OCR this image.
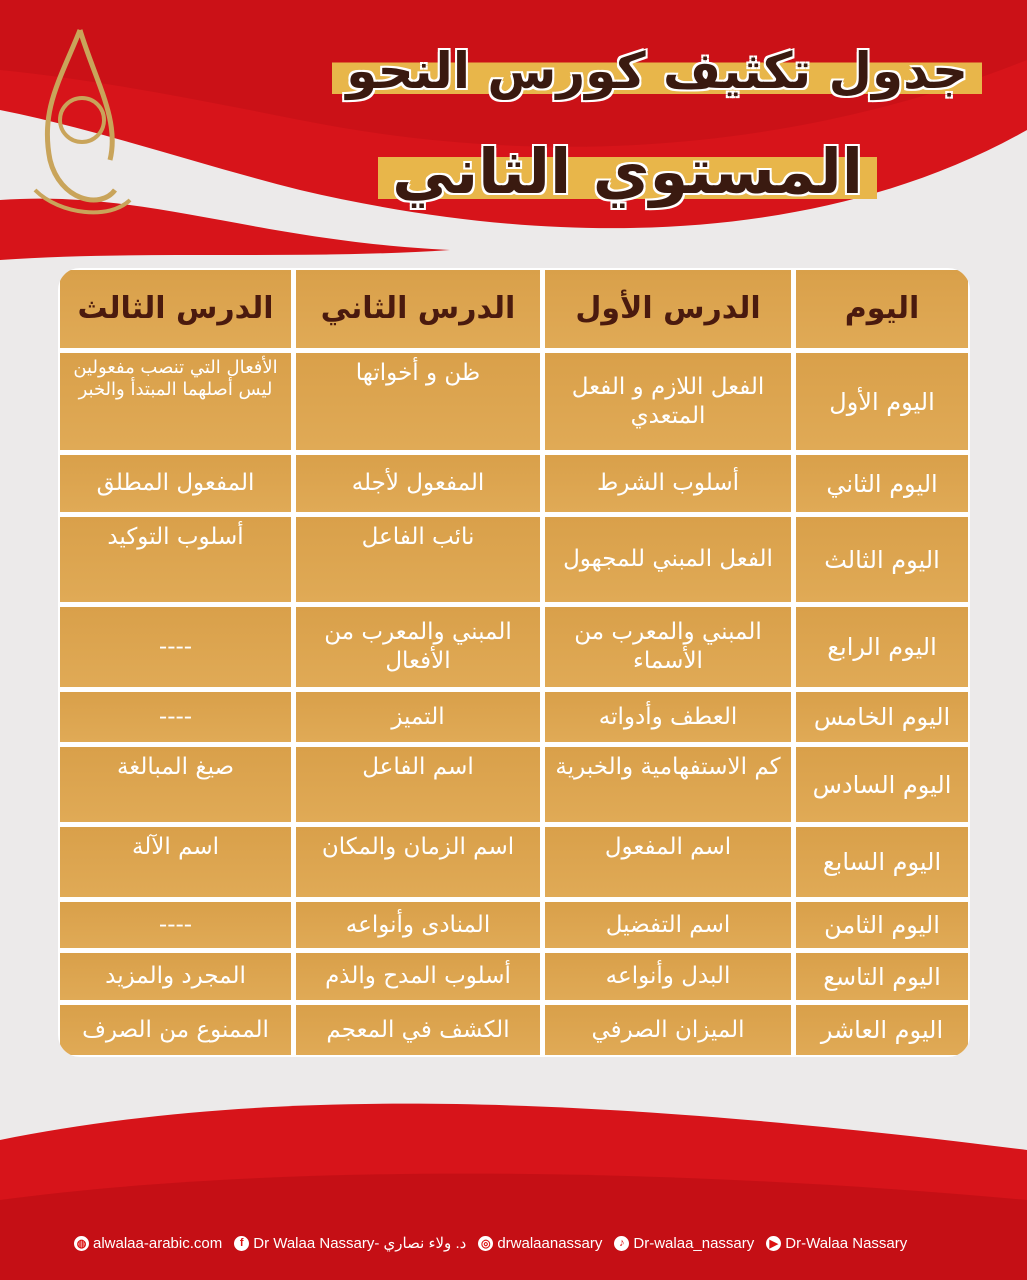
جدول تكثيف كورس النحو
المستوي الثاني
اليوم
الدرس الأول
الدرس الثاني
الدرس الثالث
اليوم الأول
الفعل اللازم و الفعل المتعدي
ظن و أخواتها
الأفعال التي تنصب مفعولين ليس أصلهما المبتدأ والخبر
اليوم الثاني
أسلوب الشرط
المفعول لأجله
المفعول المطلق
اليوم الثالث
الفعل المبني للمجهول
نائب الفاعل
أسلوب التوكيد
اليوم الرابع
المبني والمعرب من الأسماء
المبني والمعرب من الأفعال
----
اليوم الخامس
العطف وأدواته
التميز
----
اليوم السادس
كم الاستفهامية والخبرية
اسم الفاعل
صيغ المبالغة
اليوم السابع
اسم المفعول
اسم الزمان والمكان
اسم الآلة
اليوم الثامن
اسم التفضيل
المنادى وأنواعه
----
اليوم التاسع
البدل وأنواعه
أسلوب المدح والذم
المجرد والمزيد
اليوم العاشر
الميزان الصرفي
الكشف في المعجم
الممنوع من الصرف
◍ alwalaa-arabic.com	f Dr Walaa Nassary- د. ولاء نصاري ◎ drwalaanassary	♪ Dr-walaa_nassary ▶ Dr-Walaa Nassary
